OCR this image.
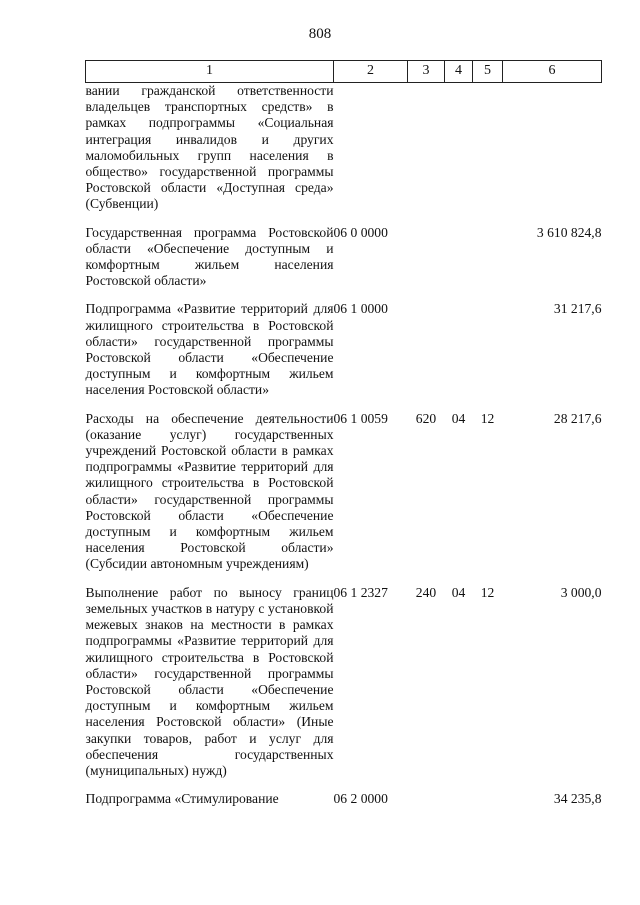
808
1	2	3	4	5	6
вании гражданской ответственности владельцев транспортных средств» в рамках подпрограммы «Социальная интеграция инвалидов и других маломобильных групп населения в общество» государственной программы Ростовской области «Доступная среда» (Субвенции)					

Государственная программа Ростовской области «Обеспечение доступным и комфортным жильем населения Ростовской области»	06 0 0000				3 610 824,8

Подпрограмма «Развитие территорий для жилищного строительства в Ростовской области» государственной программы Ростовской области «Обеспечение доступным и комфортным жильем населения Ростовской области»	06 1 0000				31 217,6

Расходы на обеспечение деятельности (оказание услуг) государственных учреждений Ростовской области в рамках подпрограммы «Развитие территорий для жилищного строительства в Ростовской области» государственной программы Ростовской области «Обеспечение доступным и комфортным жильем населения Ростовской области» (Субсидии автономным учреждениям)	06 1 0059	620	04	12	28 217,6

Выполнение работ по выносу границ земельных участков в натуру с установкой межевых знаков на местности в рамках подпрограммы «Развитие территорий для жилищного строительства в Ростовской области» государственной программы Ростовской области «Обеспечение доступным и комфортным жильем населения Ростовской области» (Иные закупки товаров, работ и услуг для обеспечения государственных (муниципальных) нужд)	06 1 2327	240	04	12	3 000,0

Подпрограмма «Стимулирование	06 2 0000				34 235,8
